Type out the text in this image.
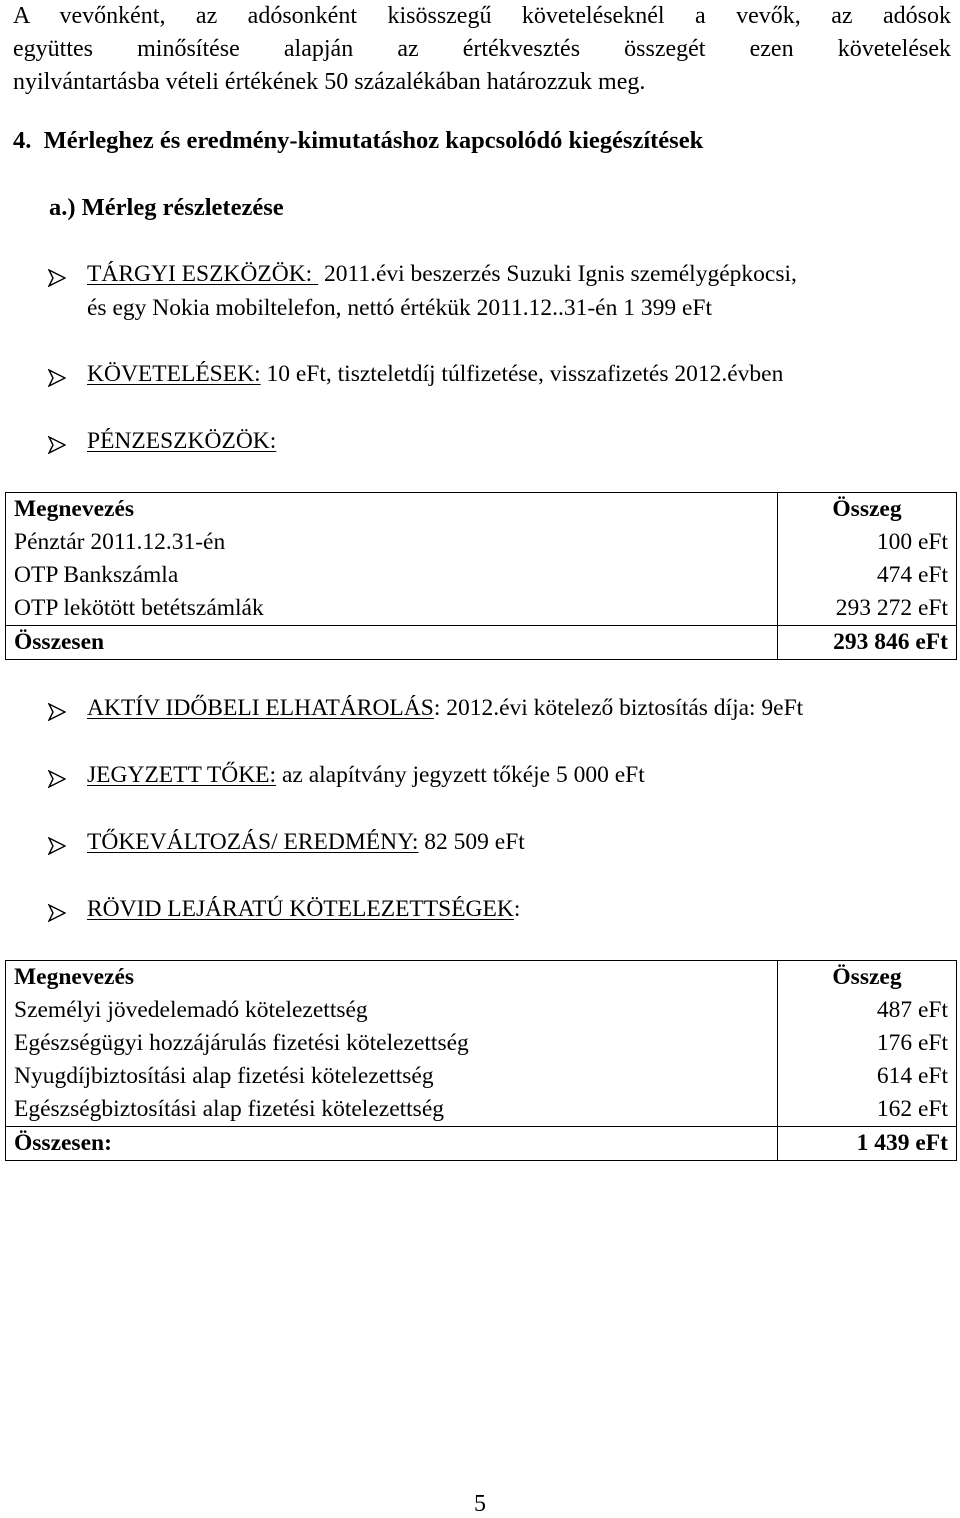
A vevőnként, az adósonként kisösszegű követeléseknél a vevők, az adósok
együttes minősítése alapján az értékvesztés összegét ezen követelések
nyilvántartásba vételi értékének 50 százalékában határozzuk meg.
4.  Mérleghez és eredmény-kimutatáshoz kapcsolódó kiegészítések
a.) Mérleg részletezése
TÁRGYI ESZKÖZÖK:  2011.évi beszerzés Suzuki Ignis személygépkocsi,
és egy Nokia mobiltelefon, nettó értékük 2011.12..31-én 1 399 eFt
KÖVETELÉSEK: 10 eFt, tiszteletdíj túlfizetése, visszafizetés 2012.évben
PÉNZESZKÖZÖK:
Megnevezés	Összeg
Pénztár 2011.12.31-én	100 eFt
OTP Bankszámla	474 eFt
OTP lekötött betétszámlák	293 272 eFt
Összesen	293 846 eFt
AKTÍV IDŐBELI ELHATÁROLÁS: 2012.évi kötelező biztosítás díja: 9eFt
JEGYZETT TŐKE: az alapítvány jegyzett tőkéje 5 000 eFt
TŐKEVÁLTOZÁS/ EREDMÉNY: 82 509 eFt
RÖVID LEJÁRATÚ KÖTELEZETTSÉGEK:
Megnevezés	Összeg
Személyi jövedelemadó kötelezettség	487 eFt
Egészségügyi hozzájárulás fizetési kötelezettség	176 eFt
Nyugdíjbiztosítási alap fizetési kötelezettség	614 eFt
Egészségbiztosítási alap fizetési kötelezettség	162 eFt
Összesen:	1 439 eFt
5
